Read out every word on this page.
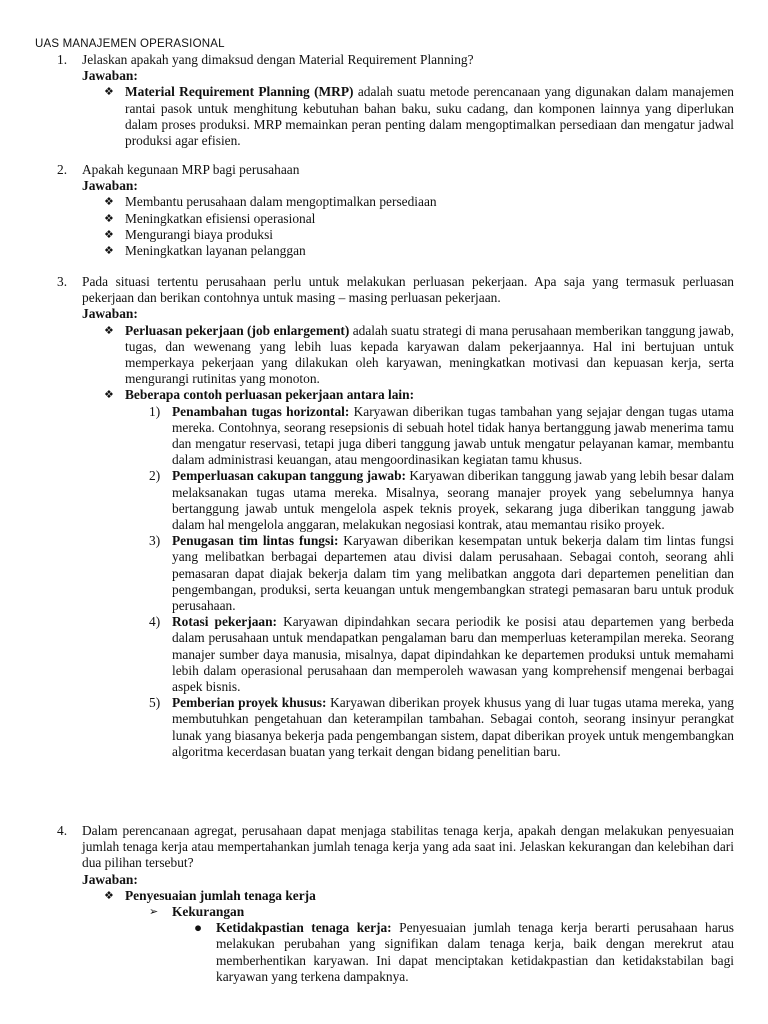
UAS MANAJEMEN OPERASIONAL
1. Jelaskan apakah yang dimaksud dengan Material Requirement Planning?
Jawaban:
❖ Material Requirement Planning (MRP) adalah suatu metode perencanaan yang digunakan dalam manajemen rantai pasok untuk menghitung kebutuhan bahan baku, suku cadang, dan komponen lainnya yang diperlukan dalam proses produksi. MRP memainkan peran penting dalam mengoptimalkan persediaan dan mengatur jadwal produksi agar efisien.
2. Apakah kegunaan MRP bagi perusahaan
Jawaban:
❖ Membantu perusahaan dalam mengoptimalkan persediaan
❖ Meningkatkan efisiensi operasional
❖ Mengurangi biaya produksi
❖ Meningkatkan layanan pelanggan
3. Pada situasi tertentu perusahaan perlu untuk melakukan perluasan pekerjaan. Apa saja yang termasuk perluasan pekerjaan dan berikan contohnya untuk masing – masing perluasan pekerjaan.
Jawaban:
❖ Perluasan pekerjaan (job enlargement) adalah suatu strategi di mana perusahaan memberikan tanggung jawab, tugas, dan wewenang yang lebih luas kepada karyawan dalam pekerjaannya. Hal ini bertujuan untuk memperkaya pekerjaan yang dilakukan oleh karyawan, meningkatkan motivasi dan kepuasan kerja, serta mengurangi rutinitas yang monoton.
❖ Beberapa contoh perluasan pekerjaan antara lain:
1) Penambahan tugas horizontal: Karyawan diberikan tugas tambahan yang sejajar dengan tugas utama mereka. Contohnya, seorang resepsionis di sebuah hotel tidak hanya bertanggung jawab menerima tamu dan mengatur reservasi, tetapi juga diberi tanggung jawab untuk mengatur pelayanan kamar, membantu dalam administrasi keuangan, atau mengoordinasikan kegiatan tamu khusus.
2) Pemperluasan cakupan tanggung jawab: Karyawan diberikan tanggung jawab yang lebih besar dalam melaksanakan tugas utama mereka. Misalnya, seorang manajer proyek yang sebelumnya hanya bertanggung jawab untuk mengelola aspek teknis proyek, sekarang juga diberikan tanggung jawab dalam hal mengelola anggaran, melakukan negosiasi kontrak, atau memantau risiko proyek.
3) Penugasan tim lintas fungsi: Karyawan diberikan kesempatan untuk bekerja dalam tim lintas fungsi yang melibatkan berbagai departemen atau divisi dalam perusahaan. Sebagai contoh, seorang ahli pemasaran dapat diajak bekerja dalam tim yang melibatkan anggota dari departemen penelitian dan pengembangan, produksi, serta keuangan untuk mengembangkan strategi pemasaran baru untuk produk perusahaan.
4) Rotasi pekerjaan: Karyawan dipindahkan secara periodik ke posisi atau departemen yang berbeda dalam perusahaan untuk mendapatkan pengalaman baru dan memperluas keterampilan mereka. Seorang manajer sumber daya manusia, misalnya, dapat dipindahkan ke departemen produksi untuk memahami lebih dalam operasional perusahaan dan memperoleh wawasan yang komprehensif mengenai berbagai aspek bisnis.
5) Pemberian proyek khusus: Karyawan diberikan proyek khusus yang di luar tugas utama mereka, yang membutuhkan pengetahuan dan keterampilan tambahan. Sebagai contoh, seorang insinyur perangkat lunak yang biasanya bekerja pada pengembangan sistem, dapat diberikan proyek untuk mengembangkan algoritma kecerdasan buatan yang terkait dengan bidang penelitian baru.
4. Dalam perencanaan agregat, perusahaan dapat menjaga stabilitas tenaga kerja, apakah dengan melakukan penyesuaian jumlah tenaga kerja atau mempertahankan jumlah tenaga kerja yang ada saat ini. Jelaskan kekurangan dan kelebihan dari dua pilihan tersebut?
Jawaban:
❖ Penyesuaian jumlah tenaga kerja
➢ Kekurangan
● Ketidakpastian tenaga kerja: Penyesuaian jumlah tenaga kerja berarti perusahaan harus melakukan perubahan yang signifikan dalam tenaga kerja, baik dengan merekrut atau memberhentikan karyawan. Ini dapat menciptakan ketidakpastian dan ketidakstabilan bagi karyawan yang terkena dampaknya.
